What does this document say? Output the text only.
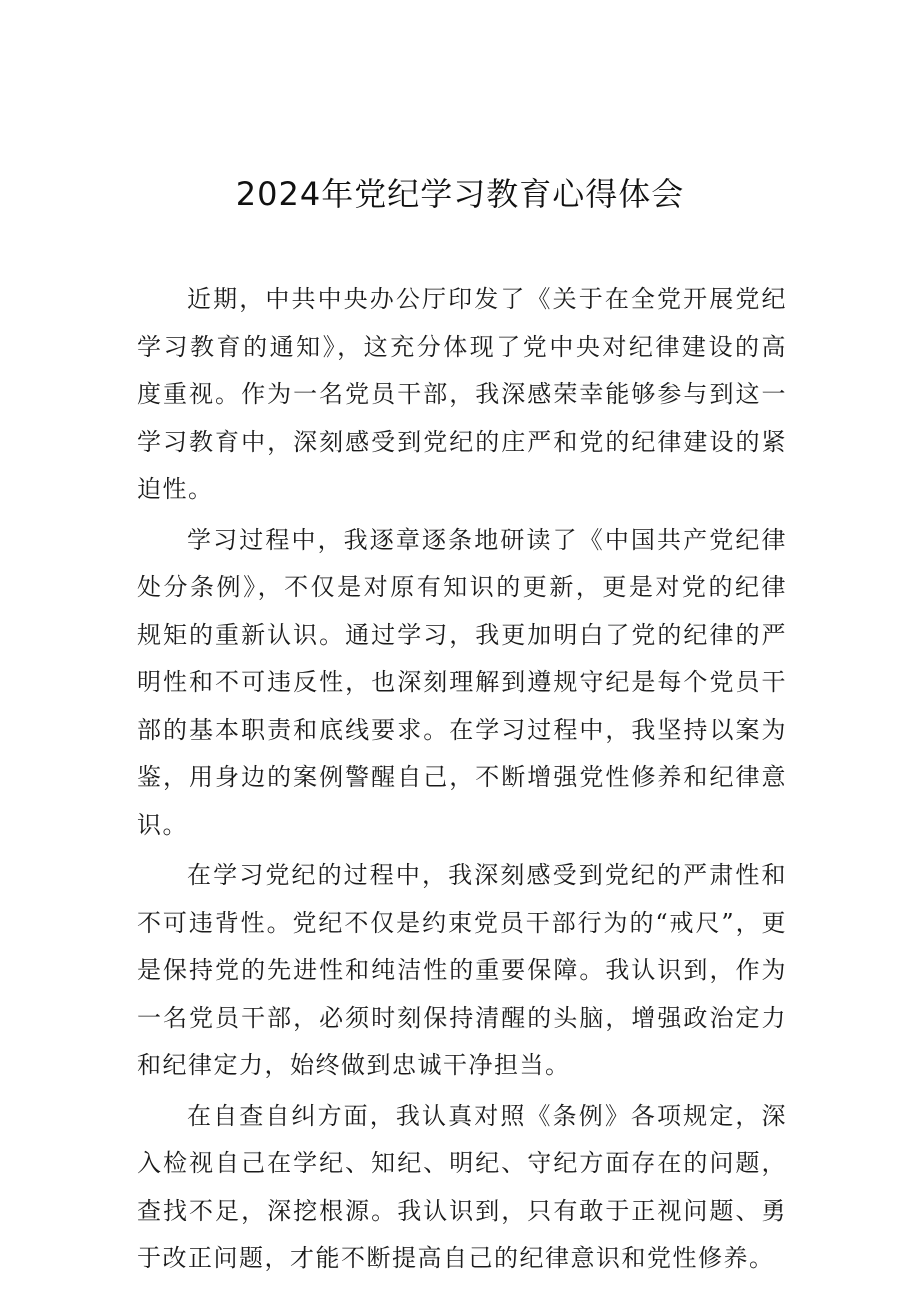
2024年党纪学习教育心得体会

近期，中共中央办公厅印发了《关于在全党开展党纪学习教育的通知》，这充分体现了党中央对纪律建设的高度重视。作为一名党员干部，我深感荣幸能够参与到这一学习教育中，深刻感受到党纪的庄严和党的纪律建设的紧迫性。

学习过程中，我逐章逐条地研读了《中国共产党纪律处分条例》，不仅是对原有知识的更新，更是对党的纪律规矩的重新认识。通过学习，我更加明白了党的纪律的严明性和不可违反性，也深刻理解到遵规守纪是每个党员干部的基本职责和底线要求。在学习过程中，我坚持以案为鉴，用身边的案例警醒自己，不断增强党性修养和纪律意识。

在学习党纪的过程中，我深刻感受到党纪的严肃性和不可违背性。党纪不仅是约束党员干部行为的“戒尺”，更是保持党的先进性和纯洁性的重要保障。我认识到，作为一名党员干部，必须时刻保持清醒的头脑，增强政治定力和纪律定力，始终做到忠诚干净担当。

在自查自纠方面，我认真对照《条例》各项规定，深入检视自己在学纪、知纪、明纪、守纪方面存在的问题，查找不足，深挖根源。我认识到，只有敢于正视问题、勇于改正问题，才能不断提高自己的纪律意识和党性修养。
